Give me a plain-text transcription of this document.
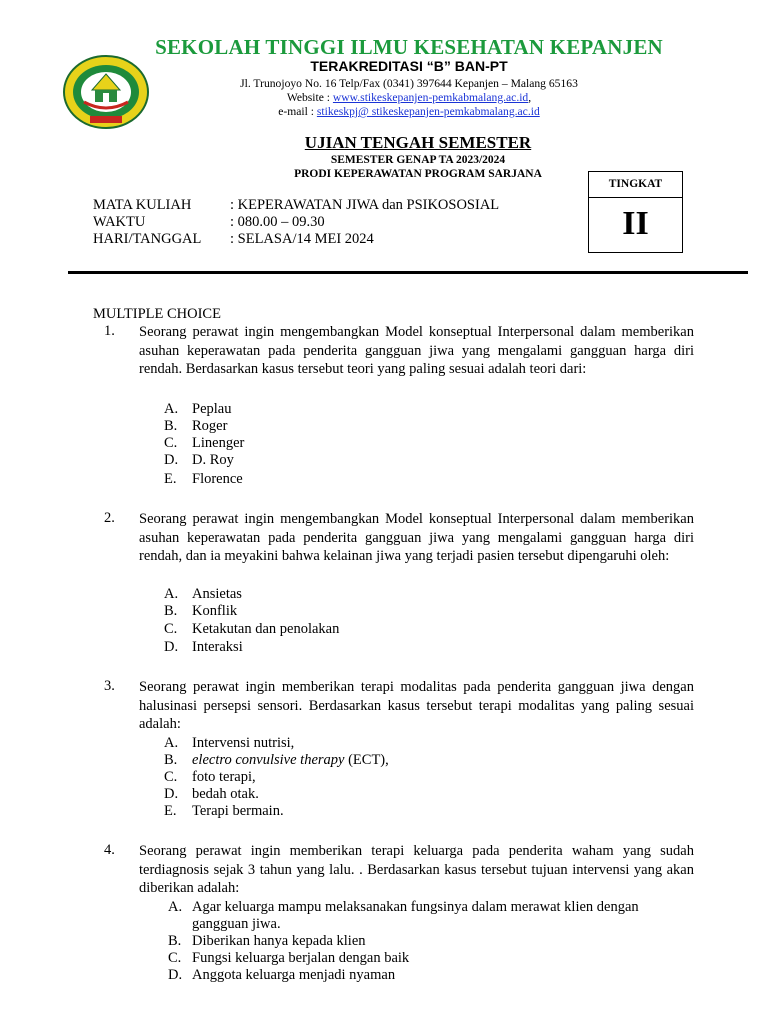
SEKOLAH TINGGI ILMU KESEHATAN KEPANJEN
TERAKREDITASI “B” BAN-PT
Jl. Trunojoyo No. 16 Telp/Fax (0341) 397644 Kepanjen – Malang 65163
Website : www.stikeskepanjen-pemkabmalang.ac.id,
e-mail : stikeskpj@ stikeskepanjen-pemkabmalang.ac.id
UJIAN TENGAH SEMESTER
SEMESTER GENAP TA 2023/2024
PRODI KEPERAWATAN PROGRAM SARJANA
TINGKAT
II
MATA KULIAH	: KEPERAWATAN JIWA dan PSIKOSOSIAL
WAKTU	: 080.00 – 09.30
HARI/TANGGAL : SELASA/14 MEI 2024
MULTIPLE CHOICE
1. Seorang perawat ingin mengembangkan Model konseptual Interpersonal dalam memberikan asuhan keperawatan pada penderita gangguan jiwa yang mengalami gangguan harga diri rendah. Berdasarkan kasus tersebut teori yang paling sesuai adalah teori dari:
A. Peplau
B. Roger
C. Linenger
D. D. Roy
E. Florence
2. Seorang perawat ingin mengembangkan Model konseptual Interpersonal dalam memberikan asuhan keperawatan pada penderita gangguan jiwa yang mengalami gangguan harga diri rendah, dan ia meyakini bahwa kelainan jiwa yang terjadi pasien tersebut dipengaruhi oleh:
A. Ansietas
B. Konflik
C. Ketakutan dan penolakan
D. Interaksi
3. Seorang perawat ingin memberikan terapi modalitas pada penderita gangguan jiwa dengan halusinasi persepsi sensori. Berdasarkan kasus tersebut terapi modalitas yang paling sesuai adalah:
A. Intervensi nutrisi,
B. electro convulsive therapy (ECT),
C. foto terapi,
D. bedah otak.
E. Terapi bermain.
4. Seorang perawat ingin memberikan terapi keluarga pada penderita waham yang sudah terdiagnosis sejak 3 tahun yang lalu. . Berdasarkan kasus tersebut tujuan intervensi yang akan diberikan adalah:
A. Agar keluarga mampu melaksanakan fungsinya dalam merawat klien dengan
gangguan jiwa.
B. Diberikan hanya kepada klien
C. Fungsi keluarga berjalan dengan baik
D. Anggota keluarga menjadi nyaman
